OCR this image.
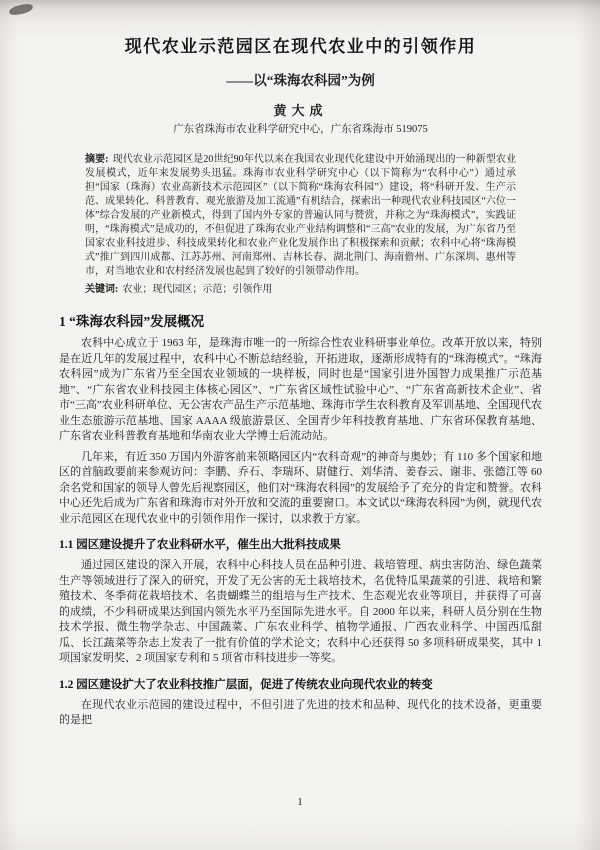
现代农业示范园区在现代农业中的引领作用
——以“珠海农科园”为例
黄大成
广东省珠海市农业科学研究中心，广东省珠海市 519075

摘要: 现代农业示范园区是20世纪90年代以来在我国农业现代化建设中开始涌现出的一种新型农业发展模式，近年来发展势头迅猛。珠海市农业科学研究中心（以下简称为“农科中心”）通过承担“国家（珠海）农业高新技术示范园区”（以下简称“珠海农科园”）建设，将“科研开发、生产示范、成果转化、科普教育、观光旅游及加工流通”有机结合，探索出一种现代农业科技园区“六位一体”综合发展的产业新模式，得到了国内外专家的普遍认同与赞赏，并称之为“珠海模式”，实践证明，“珠海模式”是成功的，不但促进了珠海农业产业结构调整和“三高”农业的发展，为广东省乃至国家农业科技进步、科技成果转化和农业产业化发展作出了积极探索和贡献；农科中心将“珠海模式”推广到四川成都、江苏苏州、河南郑州、吉林长春、湖北荆门、海南儋州、广东深圳、惠州等市，对当地农业和农村经济发展也起到了较好的引领带动作用。

关键词: 农业；现代园区；示范；引领作用

1 “珠海农科园”发展概况

农科中心成立于 1963 年，是珠海市唯一的一所综合性农业科研事业单位。改革开放以来，特别是在近几年的发展过程中，农科中心不断总结经验，开拓进取，逐渐形成特有的“珠海模式”。“珠海农科园”成为广东省乃至全国农业领域的一块样板，同时也是“国家引进外国智力成果推广示范基地”、“广东省农业科技园主体核心园区”、“广东省区域性试验中心”、“广东省高新技术企业”、省市“三高”农业科研单位、无公害农产品生产示范基地、珠海市学生农科教育及军训基地、全国现代农业生态旅游示范基地、国家 AAAA 级旅游景区、全国青少年科技教育基地、广东省环保教育基地、广东省农业科普教育基地和华南农业大学博士后流动站。

几年来，有近 350 万国内外游客前来领略园区内“农科奇观”的神奇与奥妙；有 110 多个国家和地区的首脑政要前来参观访问：李鹏、乔石、李瑞环、尉健行、刘华清、姜春云、谢非、张德江等 60 余名党和国家的领导人曾先后视察园区，他们对“珠海农科园”的发展给予了充分的肯定和赞誉。农科中心还先后成为广东省和珠海市对外开放和交流的重要窗口。本文试以“珠海农科园”为例，就现代农业示范园区在现代农业中的引领作用作一探讨，以求教于方家。

1.1 园区建设提升了农业科研水平，催生出大批科技成果

通过园区建设的深入开展，农科中心科技人员在品种引进、栽培管理、病虫害防治、绿色蔬菜生产等领域进行了深入的研究，开发了无公害的无土栽培技术，名优特瓜果蔬菜的引进、栽培和繁殖技术、冬季荷花栽培技术、名贵蝴蝶兰的组培与生产技术、生态观光农业等项目，并获得了可喜的成绩，不少科研成果达到国内领先水平乃至国际先进水平。自 2000 年以来，科研人员分别在生物技术学报、微生物学杂志、中国蔬菜、广东农业科学、植物学通报、广西农业科学、中国西瓜甜瓜、长江蔬菜等杂志上发表了一批有价值的学术论文；农科中心还获得 50 多项科研成果奖，其中 1 项国家发明奖、2 项国家专利和 5 项省市科技进步一等奖。

1.2 园区建设扩大了农业科技推广层面，促进了传统农业向现代农业的转变

在现代农业示范园的建设过程中，不但引进了先进的技术和品种、现代化的技术设备，更重要的是把

1
